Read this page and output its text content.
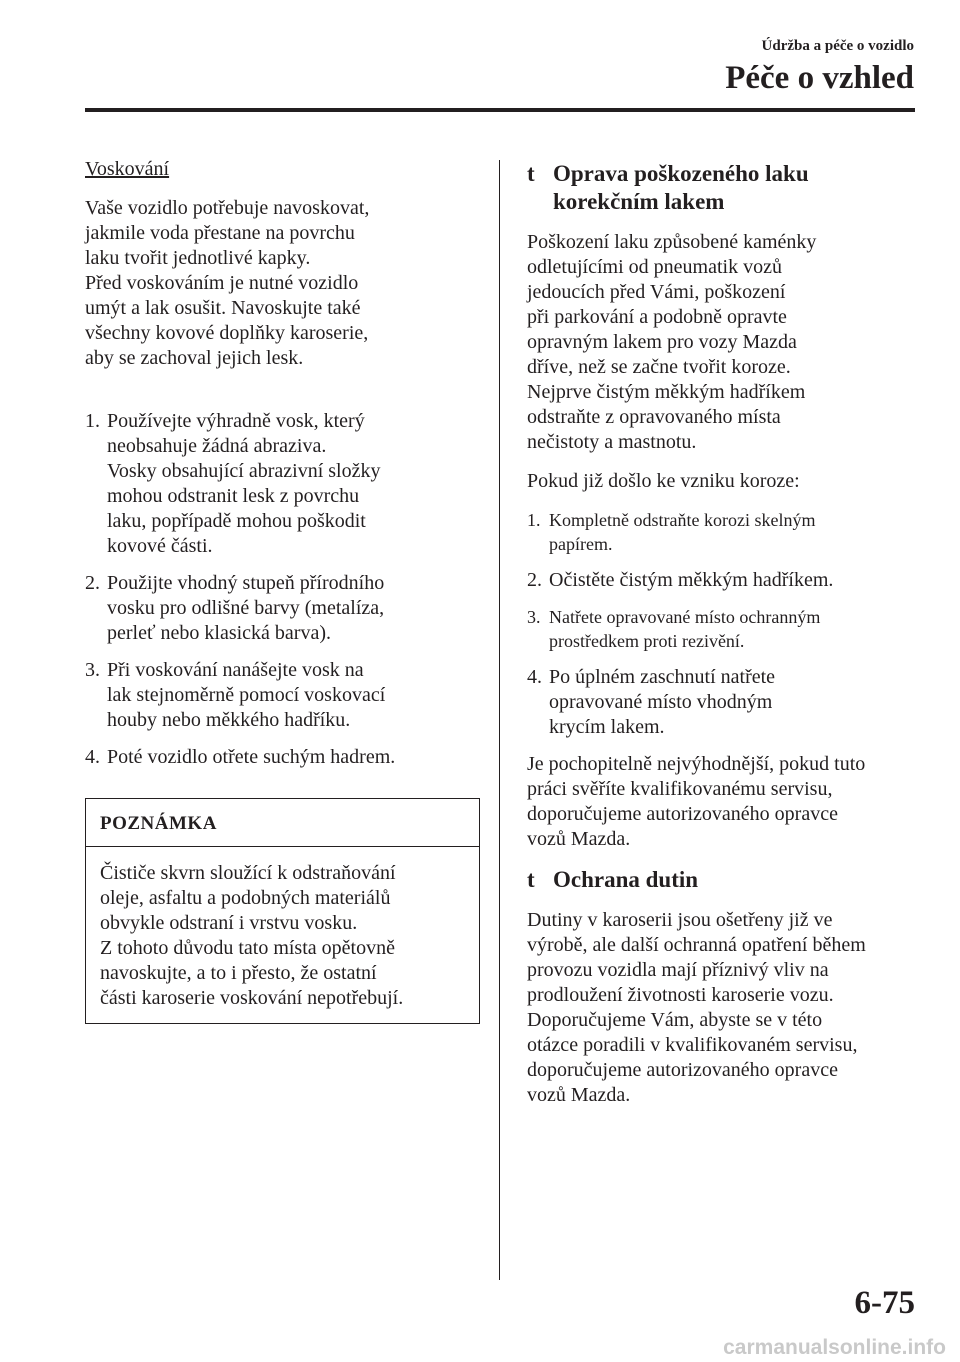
Údržba a péče o vozidlo
Péče o vzhled

Voskování

Vaše vozidlo potřebuje navoskovat,
jakmile voda přestane na povrchu
laku tvořit jednotlivé kapky.
Před voskováním je nutné vozidlo
umýt a lak osušit. Navoskujte také
všechny kovové doplňky karoserie,
aby se zachoval jejich lesk.

1. Používejte výhradně vosk, který
neobsahuje žádná abraziva.
Vosky obsahující abrazivní složky
mohou odstranit lesk z povrchu
laku, popřípadě mohou poškodit
kovové části.
2. Použijte vhodný stupeň přírodního
vosku pro odlišné barvy (metalíza,
perleť nebo klasická barva).
3. Při voskování nanášejte vosk na
lak stejnoměrně pomocí voskovací
houby nebo měkkého hadříku.
4. Poté vozidlo otřete suchým hadrem.
POZNÁMKA
Čističe skvrn sloužící k odstraňování
oleje, asfaltu a podobných materiálů
obvykle odstraní i vrstvu vosku.
Z tohoto důvodu tato místa opětovně
navoskujte, a to i přesto, že ostatní
části karoserie voskování nepotřebují.
t Oprava poškozeného laku
korekčním lakem

Poškození laku způsobené kaménky
odletujícími od pneumatik vozů
jedoucích před Vámi, poškození
při parkování a podobně opravte
opravným lakem pro vozy Mazda
dříve, než se začne tvořit koroze.
Nejprve čistým měkkým hadříkem
odstraňte z opravovaného místa
nečistoty a mastnotu.

Pokud již došlo ke vzniku koroze:

1. Kompletně odstraňte korozi skelným
papírem.
2. Očistěte čistým měkkým hadříkem.
3. Natřete opravované místo ochranným
prostředkem proti rezivění.
4. Po úplném zaschnutí natřete
opravované místo vhodným
krycím lakem.

Je pochopitelně nejvýhodnější, pokud tuto
práci svěříte kvalifikovanému servisu,
doporučujeme autorizovaného opravce
vozů Mazda.

t Ochrana dutin

Dutiny v karoserii jsou ošetřeny již ve
výrobě, ale další ochranná opatření během
provozu vozidla mají příznivý vliv na
prodloužení životnosti karoserie vozu.
Doporučujeme Vám, abyste se v této
otázce poradili v kvalifikovaném servisu,
doporučujeme autorizovaného opravce
vozů Mazda.

6-75
carmanualsonline.info
